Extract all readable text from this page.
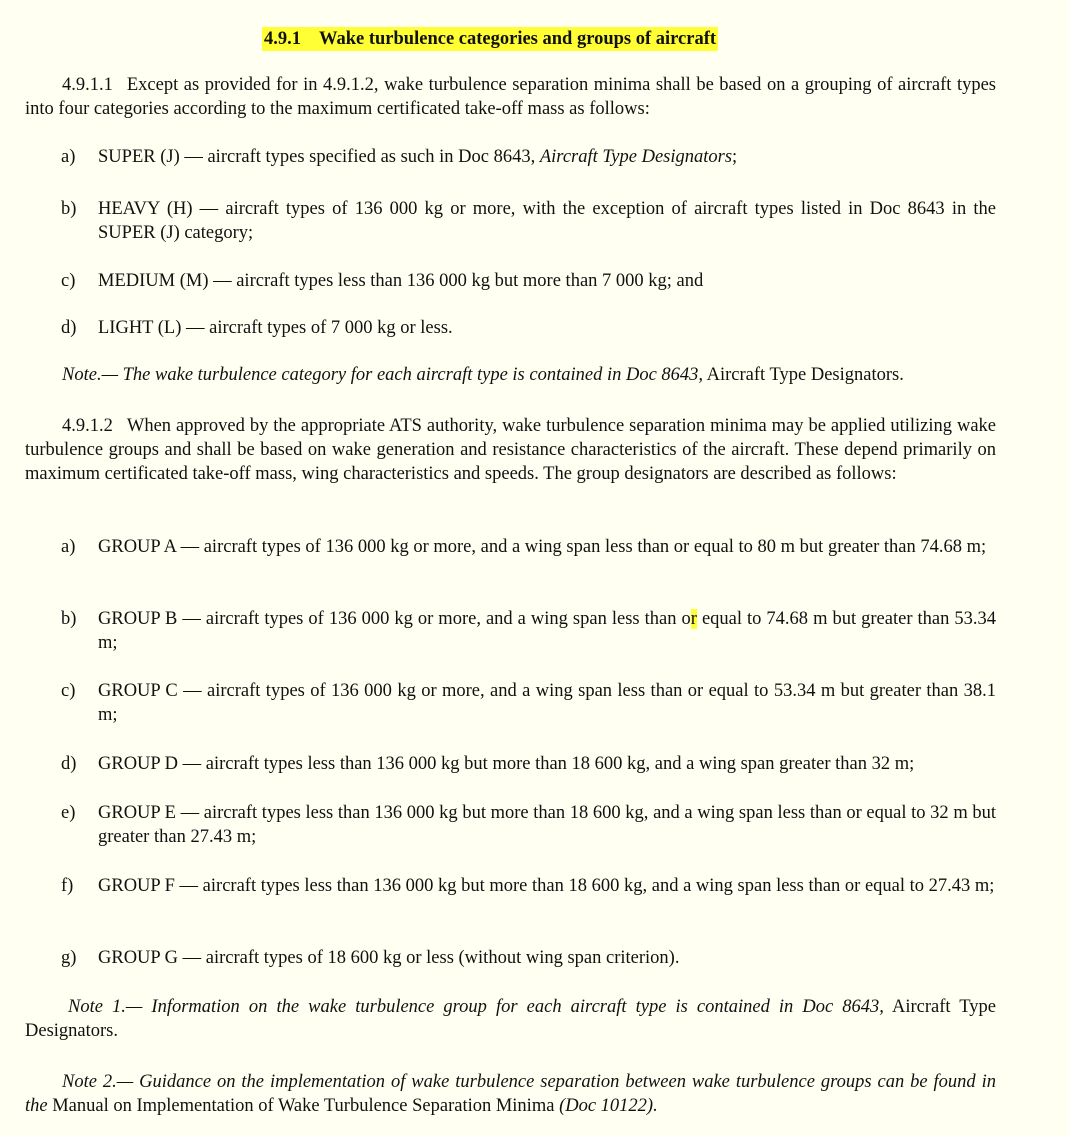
4.9.1 Wake turbulence categories and groups of aircraft
4.9.1.1 Except as provided for in 4.9.1.2, wake turbulence separation minima shall be based on a grouping of aircraft types into four categories according to the maximum certificated take-off mass as follows:
a) SUPER (J) — aircraft types specified as such in Doc 8643, Aircraft Type Designators;
b) HEAVY (H) — aircraft types of 136 000 kg or more, with the exception of aircraft types listed in Doc 8643 in the SUPER (J) category;
c) MEDIUM (M) — aircraft types less than 136 000 kg but more than 7 000 kg; and
d) LIGHT (L) — aircraft types of 7 000 kg or less.
Note.— The wake turbulence category for each aircraft type is contained in Doc 8643, Aircraft Type Designators.
4.9.1.2 When approved by the appropriate ATS authority, wake turbulence separation minima may be applied utilizing wake turbulence groups and shall be based on wake generation and resistance characteristics of the aircraft. These depend primarily on maximum certificated take-off mass, wing characteristics and speeds. The group designators are described as follows:
a) GROUP A — aircraft types of 136 000 kg or more, and a wing span less than or equal to 80 m but greater than 74.68 m;
b) GROUP B — aircraft types of 136 000 kg or more, and a wing span less than or equal to 74.68 m but greater than 53.34 m;
c) GROUP C — aircraft types of 136 000 kg or more, and a wing span less than or equal to 53.34 m but greater than 38.1 m;
d) GROUP D — aircraft types less than 136 000 kg but more than 18 600 kg, and a wing span greater than 32 m;
e) GROUP E — aircraft types less than 136 000 kg but more than 18 600 kg, and a wing span less than or equal to 32 m but greater than 27.43 m;
f) GROUP F — aircraft types less than 136 000 kg but more than 18 600 kg, and a wing span less than or equal to 27.43 m;
g) GROUP G — aircraft types of 18 600 kg or less (without wing span criterion).
Note 1.— Information on the wake turbulence group for each aircraft type is contained in Doc 8643, Aircraft Type Designators.
Note 2.— Guidance on the implementation of wake turbulence separation between wake turbulence groups can be found in the Manual on Implementation of Wake Turbulence Separation Minima (Doc 10122).
